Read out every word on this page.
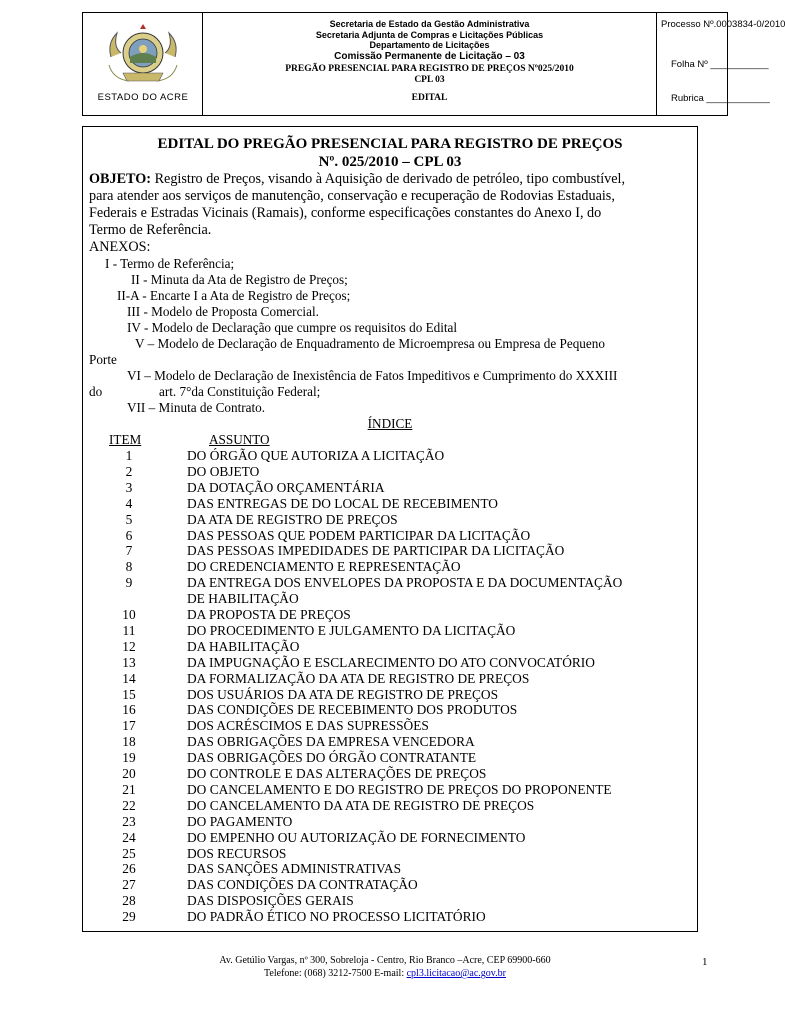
ESTADO DO ACRE
Secretaria de Estado da Gestão Administrativa
Secretaria Adjunta de Compras e Licitações Públicas
Departamento de Licitações
Comissão Permanente de Licitação – 03
PREGÃO PRESENCIAL PARA REGISTRO DE PREÇOS Nº025/2010
CPL 03
EDITAL
Processo Nº.0003834-0/2010
Folha Nº ___________
Rubrica ____________
EDITAL DO PREGÃO PRESENCIAL PARA REGISTRO DE PREÇOS
Nº. 025/2010 – CPL 03
OBJETO: Registro de Preços, visando à Aquisição de derivado de petróleo, tipo combustível,
para atender aos serviços de manutenção, conservação e recuperação de Rodovias Estaduais,
Federais e Estradas Vicinais (Ramais), conforme especificações constantes do Anexo I, do
Termo de Referência.
ANEXOS:
I - Termo de Referência;
II - Minuta da Ata de Registro de Preços;
II-A - Encarte I a Ata de Registro de Preços;
III - Modelo de Proposta Comercial.
IV - Modelo de Declaração que cumpre os requisitos do Edital
V – Modelo de Declaração de Enquadramento de Microempresa ou Empresa de Pequeno
Porte
VI – Modelo de Declaração de Inexistência de Fatos Impeditivos e Cumprimento do XXXIII
do	art. 7°da Constituição Federal;
VII – Minuta de Contrato.
ÍNDICE
ITEM	ASSUNTO
1	DO ÓRGÃO QUE AUTORIZA A LICITAÇÃO
2	DO OBJETO
3	DA DOTAÇÃO ORÇAMENTÁRIA
4	DAS ENTREGAS DE DO LOCAL DE RECEBIMENTO
5	DA ATA DE REGISTRO DE PREÇOS
6	DAS PESSOAS QUE PODEM PARTICIPAR DA LICITAÇÃO
7	DAS PESSOAS IMPEDIDADES DE PARTICIPAR DA LICITAÇÃO
8	DO CREDENCIAMENTO E REPRESENTAÇÃO
9	DA ENTREGA DOS ENVELOPES DA PROPOSTA E DA DOCUMENTAÇÃO
DE HABILITAÇÃO
10	DA PROPOSTA DE PREÇOS
11	DO PROCEDIMENTO E JULGAMENTO DA LICITAÇÃO
12	DA HABILITAÇÃO
13	DA IMPUGNAÇÃO E ESCLARECIMENTO DO ATO CONVOCATÓRIO
14	DA FORMALIZAÇÃO DA ATA DE REGISTRO DE PREÇOS
15	DOS USUÁRIOS DA ATA DE REGISTRO DE PREÇOS
16	DAS CONDIÇÕES DE RECEBIMENTO DOS PRODUTOS
17	DOS ACRÉSCIMOS E DAS SUPRESSÕES
18	DAS OBRIGAÇÕES DA EMPRESA VENCEDORA
19	DAS OBRIGAÇÕES DO ÓRGÃO CONTRATANTE
20	DO CONTROLE E DAS ALTERAÇÕES DE PREÇOS
21	DO CANCELAMENTO E DO REGISTRO DE PREÇOS DO PROPONENTE
22	DO CANCELAMENTO DA ATA DE REGISTRO DE PREÇOS
23	DO PAGAMENTO
24	DO EMPENHO OU AUTORIZAÇÃO DE FORNECIMENTO
25	DOS RECURSOS
26	DAS SANÇÕES ADMINISTRATIVAS
27	DAS CONDIÇÕES DA CONTRATAÇÃO
28	DAS DISPOSIÇÕES GERAIS
29	DO PADRÃO ÉTICO NO PROCESSO LICITATÓRIO
Av. Getúlio Vargas, nº 300, Sobreloja - Centro, Rio Branco –Acre, CEP 69900-660
Telefone: (068) 3212-7500 E-mail: cpl3.licitacao@ac.gov.br
1
